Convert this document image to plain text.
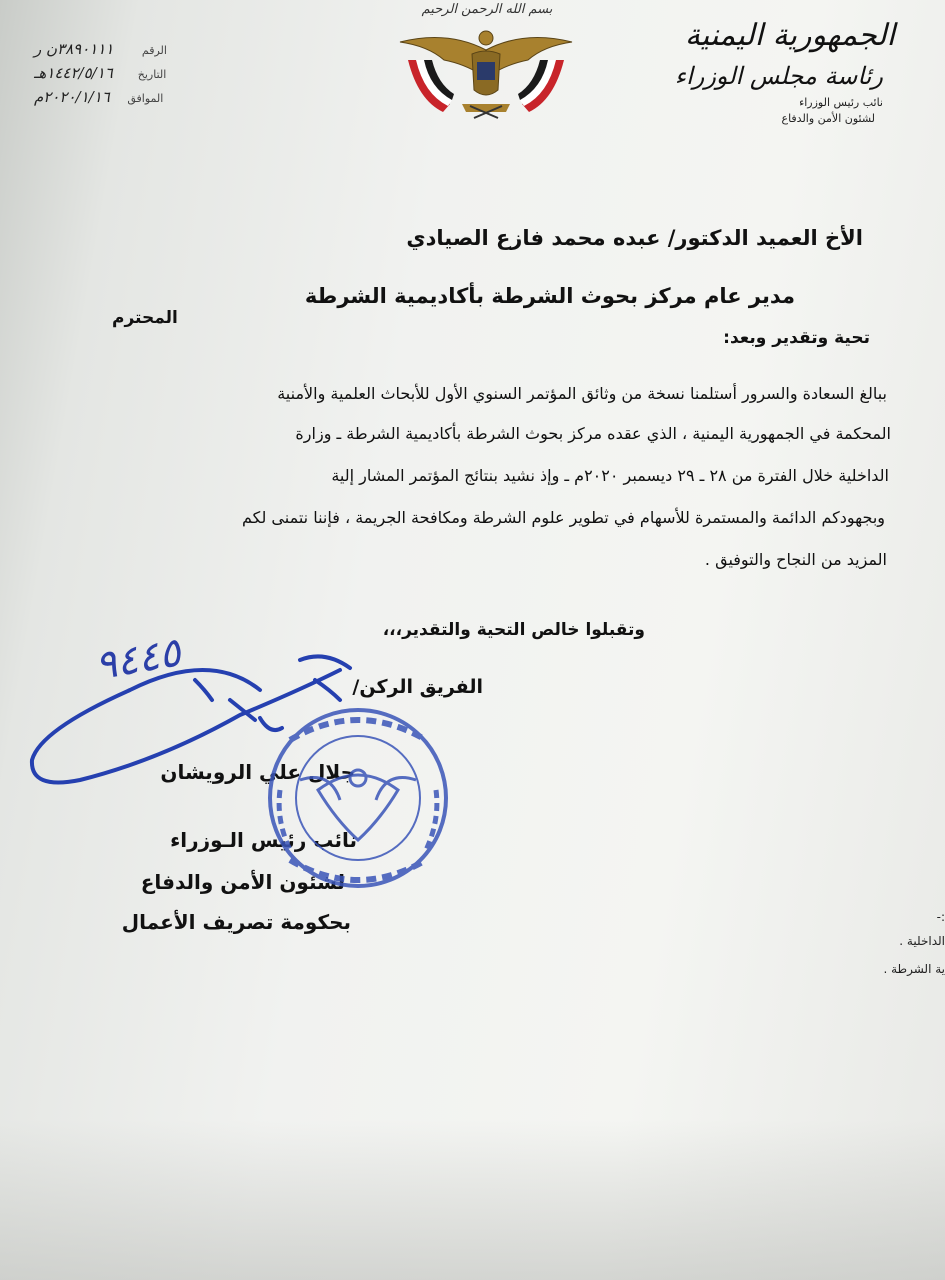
الجمهورية اليمنية
رئاسة مجلس الوزراء
نائب رئيس الوزراء
لشئون الأمن والدفاع
بسم الله الرحمن الرحيم
الرقم ٣٨٩٠١١١ن ر
التاريخ ١٤٤٢/٥/١٦هـ
الموافق ٢٠٢٠/١/١٦م
الأخ العميد الدكتور/ عبده محمد فازع الصيادي
مدير عام مركز بحوث الشرطة بأكاديمية الشرطة
المحترم
تحية وتقدير وبعد:
ببالغ السعادة والسرور أستلمنا نسخة من وثائق المؤتمر السنوي الأول للأبحاث العلمية والأمنية
المحكمة في الجمهورية اليمنية ، الذي عقده مركز بحوث الشرطة بأكاديمية الشرطة ـ وزارة
الداخلية خلال الفترة من ٢٨ ـ ٢٩ ديسمبر ٢٠٢٠م ـ وإذ نشيد بنتائج المؤتمر المشار إلية
وبجهودكم الدائمة والمستمرة للأسهام في تطوير علوم الشرطة ومكافحة الجريمة ، فإننا نتمنى لكم
المزيد من النجاح والتوفيق .
وتقبلوا خالص التحية والتقدير،،،
الفريق الركن/
جلال علي الرويشان
نائب رئيس الـوزراء
لشئون الأمن والدفاع
بحكومة تصريف الأعمال	-:
الداخلية .
ية الشرطة .
٩٤٤٥
